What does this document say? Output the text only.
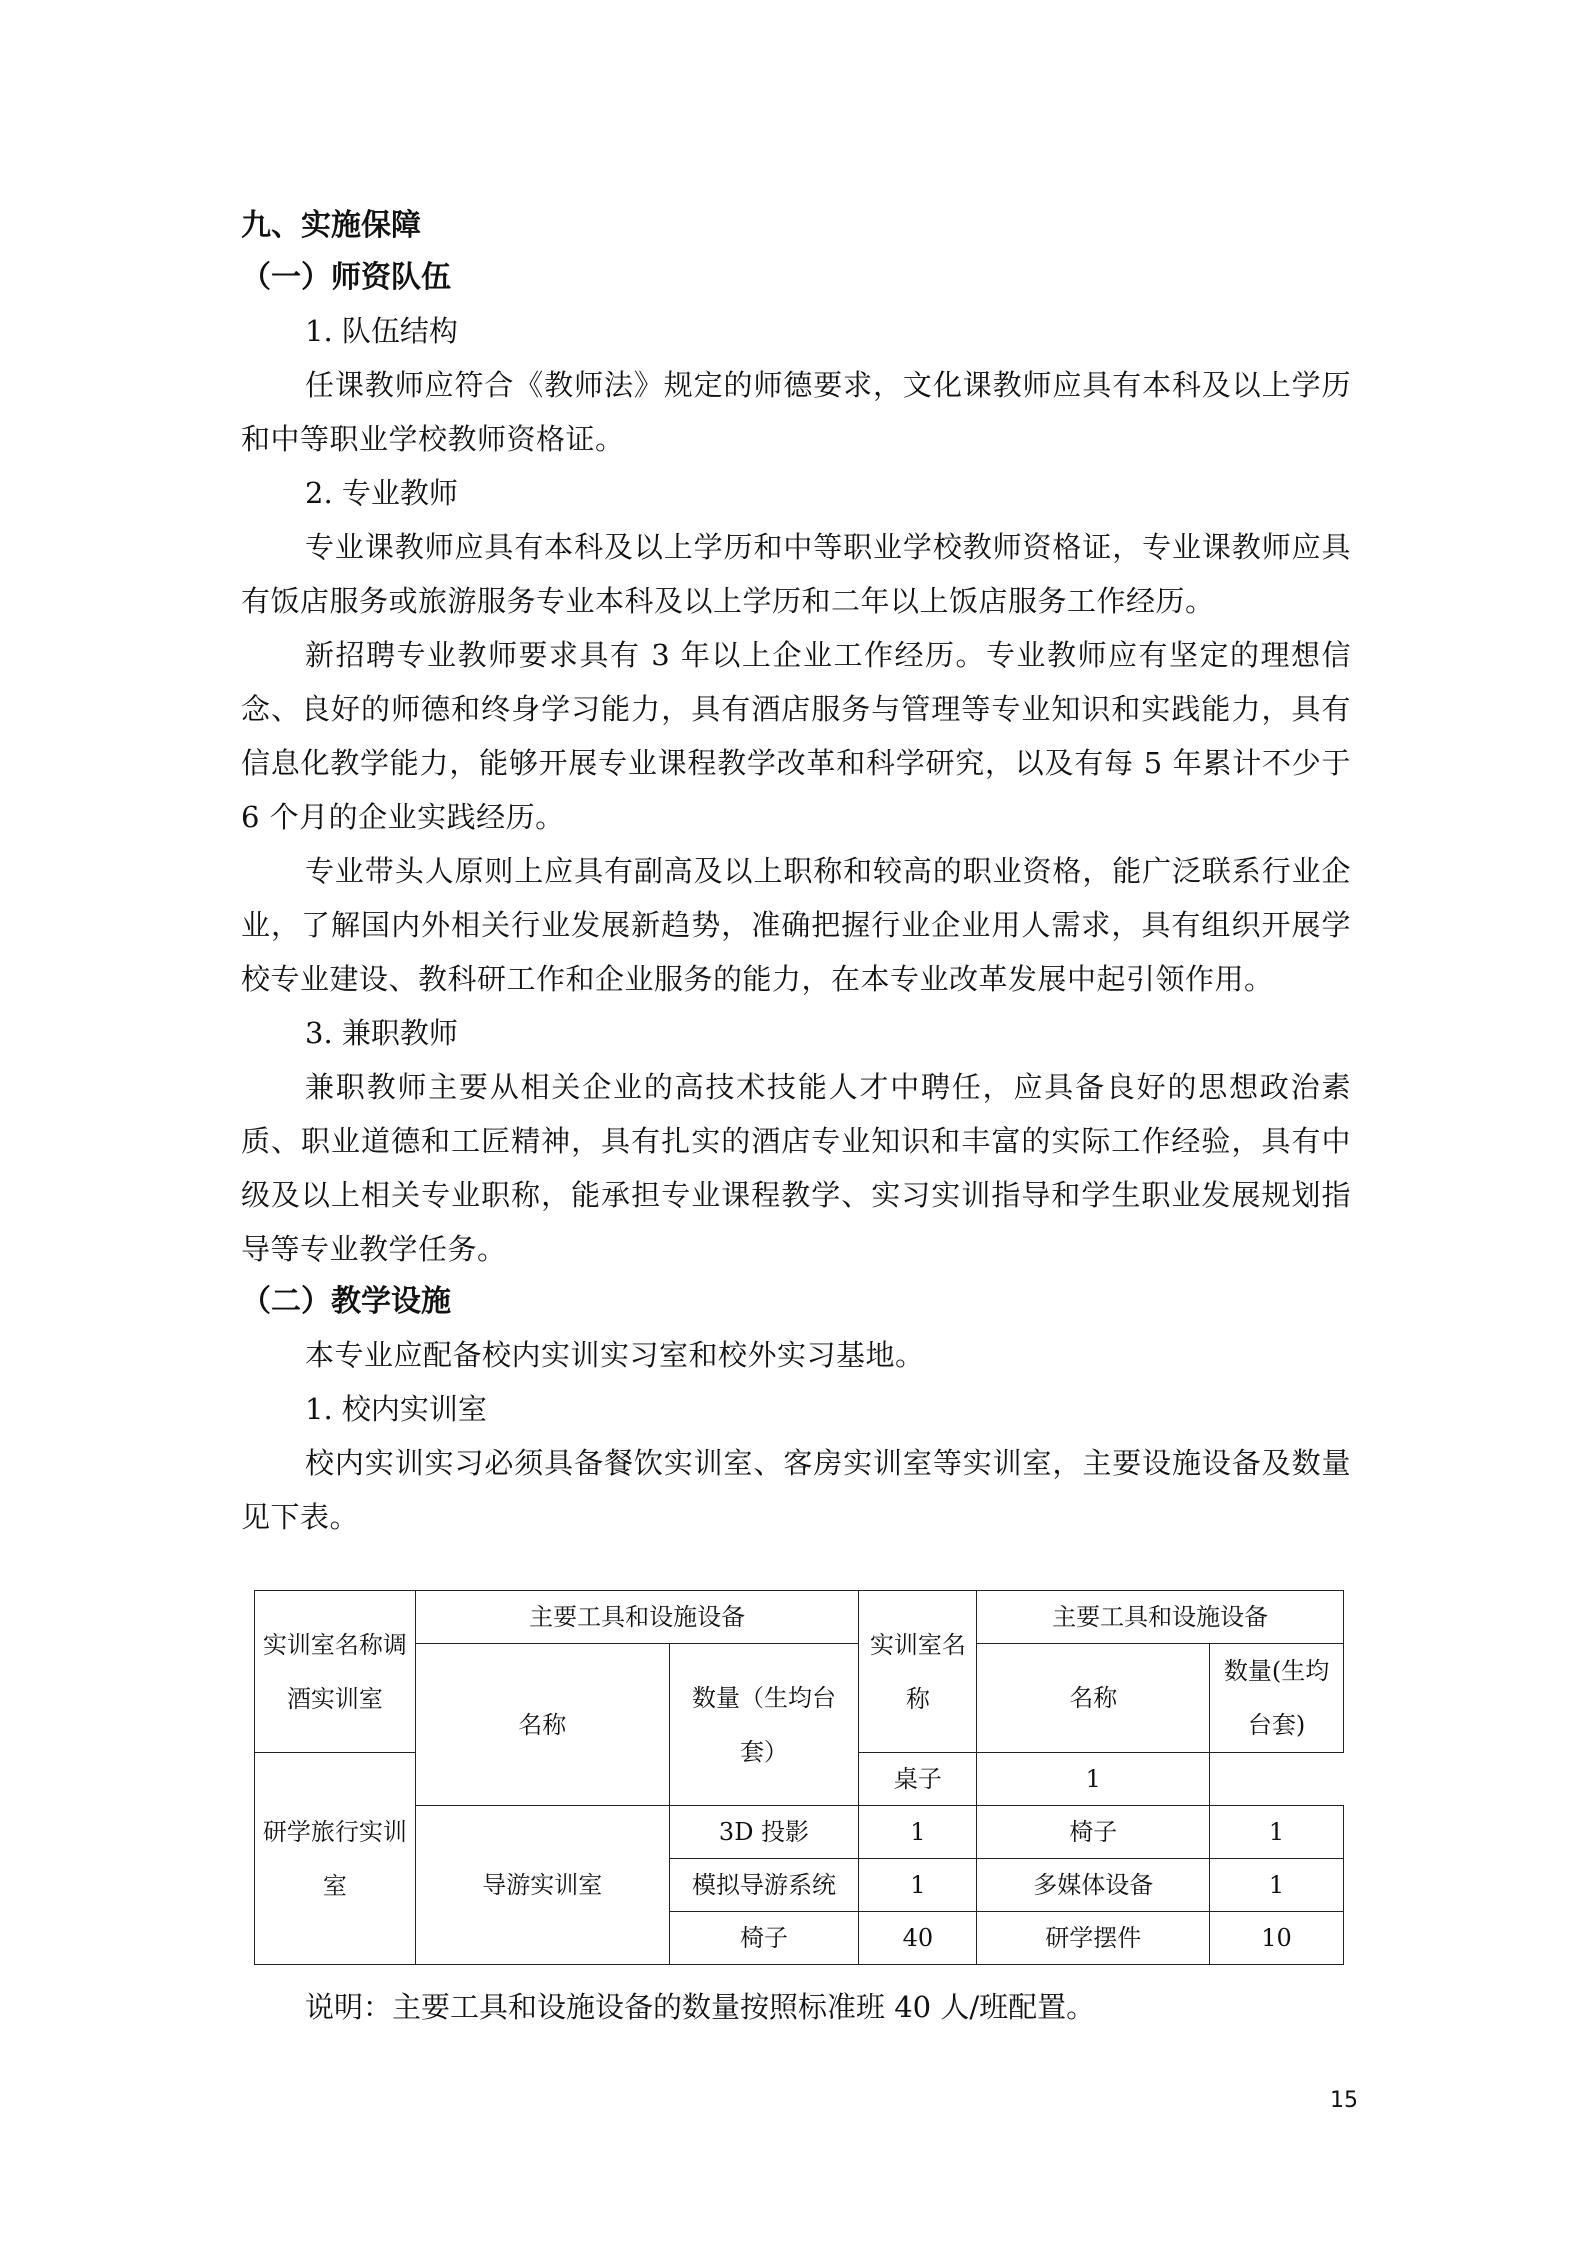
九、实施保障

（一）师资队伍

1. 队伍结构

任课教师应符合《教师法》规定的师德要求，文化课教师应具有本科及以上学历和中等职业学校教师资格证。

2. 专业教师

专业课教师应具有本科及以上学历和中等职业学校教师资格证，专业课教师应具有饭店服务或旅游服务专业本科及以上学历和二年以上饭店服务工作经历。

新招聘专业教师要求具有 3 年以上企业工作经历。专业教师应有坚定的理想信念、良好的师德和终身学习能力，具有酒店服务与管理等专业知识和实践能力，具有信息化教学能力，能够开展专业课程教学改革和科学研究，以及有每 5 年累计不少于 6 个月的企业实践经历。

专业带头人原则上应具有副高及以上职称和较高的职业资格，能广泛联系行业企业，了解国内外相关行业发展新趋势，准确把握行业企业用人需求，具有组织开展学校专业建设、教科研工作和企业服务的能力，在本专业改革发展中起引领作用。

3. 兼职教师

兼职教师主要从相关企业的高技术技能人才中聘任，应具备良好的思想政治素质、职业道德和工匠精神，具有扎实的酒店专业知识和丰富的实际工作经验，具有中级及以上相关专业职称，能承担专业课程教学、实习实训指导和学生职业发展规划指导等专业教学任务。

（二）教学设施

本专业应配备校内实训实习室和校外实习基地。

1. 校内实训室

校内实训实习必须具备餐饮实训室、客房实训室等实训室，主要设施设备及数量见下表。

实训室名称调酒实训室	主要工具和设施设备		实训室名称	主要工具和设施设备	
	名称	数量（生均台套）		名称	数量(生均台套)
研学旅行实训室			桌子	1	
	导游实训室	3D 投影	1	椅子	1
		模拟导游系统	1	多媒体设备	1
		椅子	40	研学摆件	10

说明：主要工具和设施设备的数量按照标准班 40 人/班配置。

15
